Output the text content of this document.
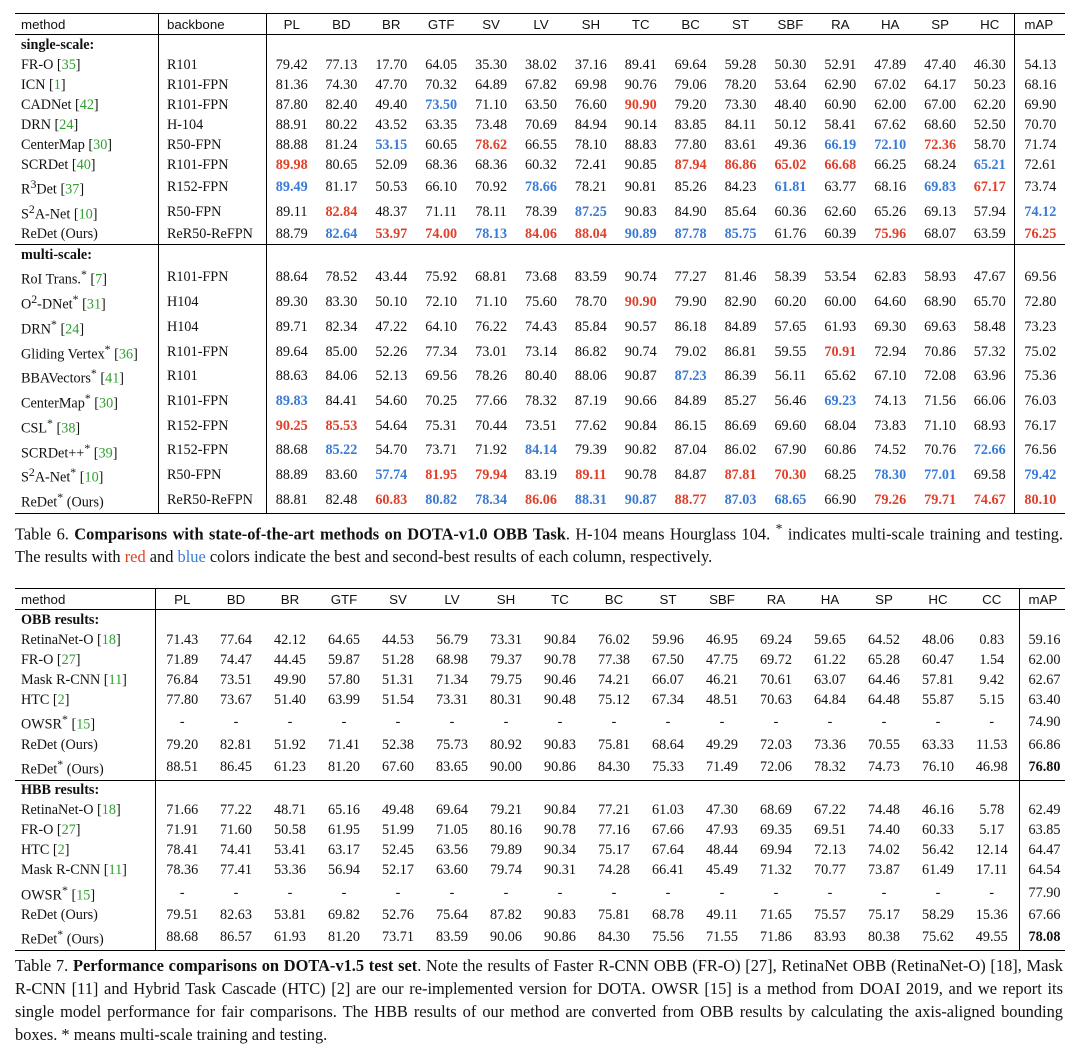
method	backbone	PL	BD	BR	GTF	SV	LV	SH	TC	BC	ST	SBF	RA	HA	SP	HC	mAP
single-scale:																	
FR-O [35]	R101	79.42	77.13	17.70	64.05	35.30	38.02	37.16	89.41	69.64	59.28	50.30	52.91	47.89	47.40	46.30	54.13
ICN [1]	R101-FPN	81.36	74.30	47.70	70.32	64.89	67.82	69.98	90.76	79.06	78.20	53.64	62.90	67.02	64.17	50.23	68.16
CADNet [42]	R101-FPN	87.80	82.40	49.40	73.50	71.10	63.50	76.60	90.90	79.20	73.30	48.40	60.90	62.00	67.00	62.20	69.90
DRN [24]	H-104	88.91	80.22	43.52	63.35	73.48	70.69	84.94	90.14	83.85	84.11	50.12	58.41	67.62	68.60	52.50	70.70
CenterMap [30]	R50-FPN	88.88	81.24	53.15	60.65	78.62	66.55	78.10	88.83	77.80	83.61	49.36	66.19	72.10	72.36	58.70	71.74
SCRDet [40]	R101-FPN	89.98	80.65	52.09	68.36	68.36	60.32	72.41	90.85	87.94	86.86	65.02	66.68	66.25	68.24	65.21	72.61
$R^3Det$ [37]	R152-FPN	89.49	81.17	50.53	66.10	70.92	78.66	78.21	90.81	85.26	84.23	61.81	63.77	68.16	69.83	67.17	73.74
$S^2A$-Net [10]	R50-FPN	89.11	82.84	48.37	71.11	78.11	78.39	87.25	90.83	84.90	85.64	60.36	62.60	65.26	69.13	57.94	74.12
ReDet (Ours)	ReR50-ReFPN	88.79	82.64	53.97	74.00	78.13	84.06	88.04	90.89	87.78	85.75	61.76	60.39	75.96	68.07	63.59	76.25
multi-scale:																	
RoI Trans.* [7]	R101-FPN	88.64	78.52	43.44	75.92	68.81	73.68	83.59	90.74	77.27	81.46	58.39	53.54	62.83	58.93	47.67	69.56
$O^2-DNet^*$ [31]	H104	89.30	83.30	50.10	72.10	71.10	75.60	78.70	90.90	79.90	82.90	60.20	60.00	64.60	68.90	65.70	72.80
DRN* [24]	H104	89.71	82.34	47.22	64.10	76.22	74.43	85.84	90.57	86.18	84.89	57.65	61.93	69.30	69.63	58.48	73.23
Gliding Vertex* [36]	R101-FPN	89.64	85.00	52.26	77.34	73.01	73.14	86.82	90.74	79.02	86.81	59.55	70.91	72.94	70.86	57.32	75.02
BBAVectors* [41]	R101	88.63	84.06	52.13	69.56	78.26	80.40	88.06	90.87	87.23	86.39	56.11	65.62	67.10	72.08	63.96	75.36
CenterMap* [30]	R101-FPN	89.83	84.41	54.60	70.25	77.66	78.32	87.19	90.66	84.89	85.27	56.46	69.23	74.13	71.56	66.06	76.03
CSL* [38]	R152-FPN	90.25	85.53	54.64	75.31	70.44	73.51	77.62	90.84	86.15	86.69	69.60	68.04	73.83	71.10	68.93	76.17
SCRDet++* [39]	R152-FPN	88.68	85.22	54.70	73.71	71.92	84.14	79.39	90.82	87.04	86.02	67.90	60.86	74.52	70.76	72.66	76.56
$S^2A-Net^*$ [10]	R50-FPN	88.89	83.60	57.74	81.95	79.94	83.19	89.11	90.78	84.87	87.81	70.30	68.25	78.30	77.01	69.58	79.42
ReDet* (Ours)	ReR50-ReFPN	88.81	82.48	60.83	80.82	78.34	86.06	88.31	90.87	88.77	87.03	68.65	66.90	79.26	79.71	74.67	80.10
Table 6. Comparisons with state-of-the-art methods on DOTA-v1.0 OBB Task. H-104 means Hourglass 104. * indicates multi-scale training and testing. The results with red and blue colors indicate the best and second-best results of each column, respectively.
method	PL	BD	BR	GTF	SV	LV	SH	TC	BC	ST	SBF	RA	HA	SP	HC	CC	mAP
OBB results:																	
RetinaNet-O [18]	71.43	77.64	42.12	64.65	44.53	56.79	73.31	90.84	76.02	59.96	46.95	69.24	59.65	64.52	48.06	0.83	59.16
FR-O [27]	71.89	74.47	44.45	59.87	51.28	68.98	79.37	90.78	77.38	67.50	47.75	69.72	61.22	65.28	60.47	1.54	62.00
Mask R-CNN [11]	76.84	73.51	49.90	57.80	51.31	71.34	79.75	90.46	74.21	66.07	46.21	70.61	63.07	64.46	57.81	9.42	62.67
HTC [2]	77.80	73.67	51.40	63.99	51.54	73.31	80.31	90.48	75.12	67.34	48.51	70.63	64.84	64.48	55.87	5.15	63.40
OWSR* [15]	-	-	-	-	-	-	-	-	-	-	-	-	-	-	-	-	74.90
ReDet (Ours)	79.20	82.81	51.92	71.41	52.38	75.73	80.92	90.83	75.81	68.64	49.29	72.03	73.36	70.55	63.33	11.53	66.86
ReDet* (Ours)	88.51	86.45	61.23	81.20	67.60	83.65	90.00	90.86	84.30	75.33	71.49	72.06	78.32	74.73	76.10	46.98	76.80
HBB results:																	
RetinaNet-O [18]	71.66	77.22	48.71	65.16	49.48	69.64	79.21	90.84	77.21	61.03	47.30	68.69	67.22	74.48	46.16	5.78	62.49
FR-O [27]	71.91	71.60	50.58	61.95	51.99	71.05	80.16	90.78	77.16	67.66	47.93	69.35	69.51	74.40	60.33	5.17	63.85
HTC [2]	78.41	74.41	53.41	63.17	52.45	63.56	79.89	90.34	75.17	67.64	48.44	69.94	72.13	74.02	56.42	12.14	64.47
Mask R-CNN [11]	78.36	77.41	53.36	56.94	52.17	63.60	79.74	90.31	74.28	66.41	45.49	71.32	70.77	73.87	61.49	17.11	64.54
OWSR* [15]	-	-	-	-	-	-	-	-	-	-	-	-	-	-	-	-	77.90
ReDet (Ours)	79.51	82.63	53.81	69.82	52.76	75.64	87.82	90.83	75.81	68.78	49.11	71.65	75.57	75.17	58.29	15.36	67.66
ReDet* (Ours)	88.68	86.57	61.93	81.20	73.71	83.59	90.06	90.86	84.30	75.56	71.55	71.86	83.93	80.38	75.62	49.55	78.08
Table 7. Performance comparisons on DOTA-v1.5 test set. Note the results of Faster R-CNN OBB (FR-O) [27], RetinaNet OBB (RetinaNet-O) [18], Mask R-CNN [11] and Hybrid Task Cascade (HTC) [2] are our re-implemented version for DOTA. OWSR [15] is a method from DOAI 2019, and we report its single model performance for fair comparisons. The HBB results of our method are converted from OBB results by calculating the axis-aligned bounding boxes. * means multi-scale training and testing.
